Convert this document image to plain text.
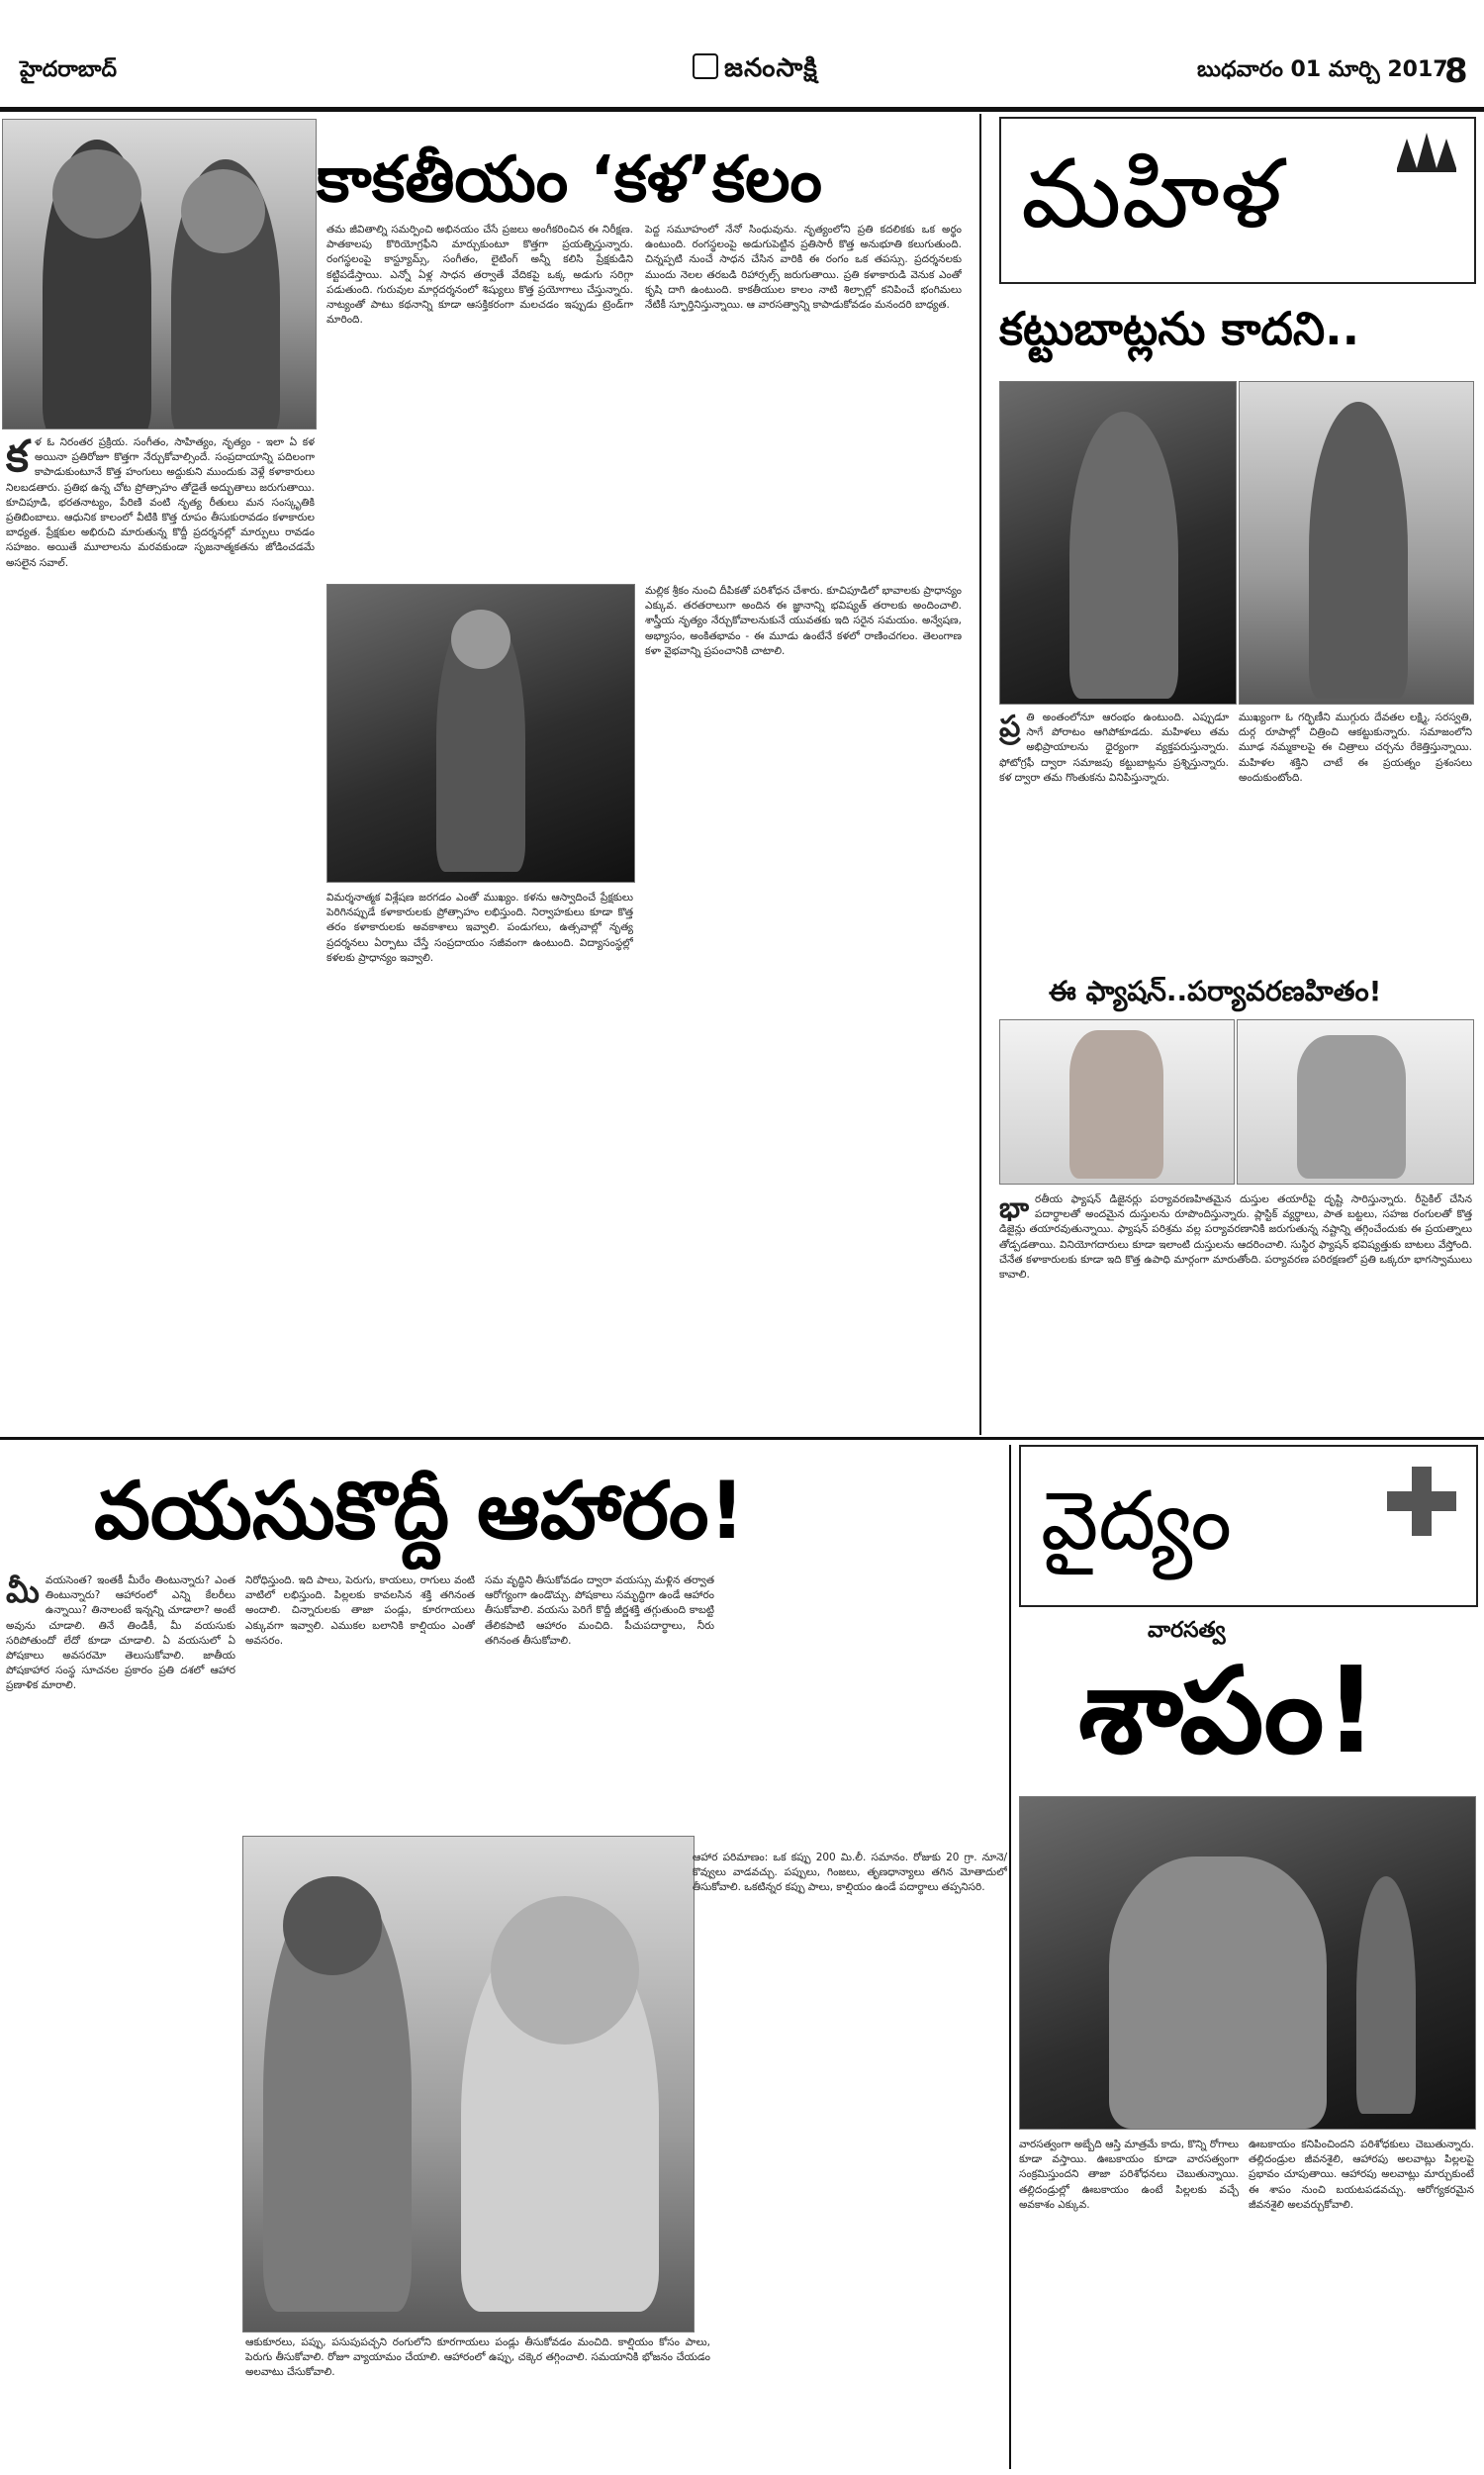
హైదరాబాద్	జనంసాక్షి	బుధవారం 01 మార్చి 2017
8
కాకతీయం ‘కళ’కలం
క ళ ఓ నిరంతర ప్రక్రియ. సంగీతం, సాహిత్యం, నృత్యం - ఇలా ఏ కళ అయినా ప్రతిరోజూ కొత్తగా నేర్చుకోవాల్సిందే. సంప్రదాయాన్ని పదిలంగా కాపాడుకుంటూనే కొత్త హంగులు అద్దుకుని ముందుకు వెళ్లే కళాకారులు నిలబడతారు. ప్రతిభ ఉన్న చోట ప్రోత్సాహం తోడైతే అద్భుతాలు జరుగుతాయి. కూచిపూడి, భరతనాట్యం, పేరిణి వంటి నృత్య రీతులు మన సంస్కృతికి ప్రతిబింబాలు. ఆధునిక కాలంలో వీటికి కొత్త రూపం తీసుకురావడం కళాకారుల బాధ్యత. ప్రేక్షకుల అభిరుచి మారుతున్న కొద్దీ ప్రదర్శనల్లో మార్పులు రావడం సహజం. అయితే మూలాలను మరవకుండా సృజనాత్మకతను జోడించడమే అసలైన సవాల్.

తమ జీవితాల్ని సమర్పించి అభినయం చేసే ప్రజలు అంగీకరించిన ఈ నిరీక్షణ. పాతకాలపు కొరియోగ్రఫీని మార్చుకుంటూ కొత్తగా ప్రయత్నిస్తున్నారు. రంగస్థలంపై కాస్ట్యూమ్స్, సంగీతం, లైటింగ్ అన్నీ కలిసి ప్రేక్షకుడిని కట్టిపడేస్తాయి. ఎన్నో ఏళ్ల సాధన తర్వాతే వేదికపై ఒక్క అడుగు సరిగ్గా పడుతుంది. గురువుల మార్గదర్శనంలో శిష్యులు కొత్త ప్రయోగాలు చేస్తున్నారు. నాట్యంతో పాటు కథనాన్ని కూడా ఆసక్తికరంగా మలచడం ఇప్పుడు ట్రెండ్‌గా మారింది.

పెద్ద సమూహంలో నేనో సింధువును. నృత్యంలోని ప్రతి కదలికకు ఒక అర్థం ఉంటుంది. రంగస్థలంపై అడుగుపెట్టిన ప్రతిసారీ కొత్త అనుభూతి కలుగుతుంది. చిన్నప్పటి నుంచే సాధన చేసిన వారికి ఈ రంగం ఒక తపస్సు. ప్రదర్శనలకు ముందు నెలల తరబడి రిహార్సల్స్ జరుగుతాయి. ప్రతి కళాకారుడి వెనుక ఎంతో కృషి దాగి ఉంటుంది. కాకతీయుల కాలం నాటి శిల్పాల్లో కనిపించే భంగిమలు నేటికీ స్ఫూర్తినిస్తున్నాయి. ఆ వారసత్వాన్ని కాపాడుకోవడం మనందరి బాధ్యత.

విమర్శనాత్మక విశ్లేషణ జరగడం ఎంతో ముఖ్యం. కళను ఆస్వాదించే ప్రేక్షకులు పెరిగినప్పుడే కళాకారులకు ప్రోత్సాహం లభిస్తుంది. నిర్వాహకులు కూడా కొత్త తరం కళాకారులకు అవకాశాలు ఇవ్వాలి. పండుగలు, ఉత్సవాల్లో నృత్య ప్రదర్శనలు ఏర్పాటు చేస్తే సంప్రదాయం సజీవంగా ఉంటుంది. విద్యాసంస్థల్లో కళలకు ప్రాధాన్యం ఇవ్వాలి.

మల్లిక శ్రీకం నుంచి దీపికతో పరిశోధన చేశారు. కూచిపూడిలో భావాలకు ప్రాధాన్యం ఎక్కువ. తరతరాలుగా అందిన ఈ జ్ఞానాన్ని భవిష్యత్ తరాలకు అందించాలి. శాస్త్రీయ నృత్యం నేర్చుకోవాలనుకునే యువతకు ఇది సరైన సమయం. అన్వేషణ, అభ్యాసం, అంకితభావం - ఈ మూడు ఉంటేనే కళలో రాణించగలం. తెలంగాణ కళా వైభవాన్ని ప్రపంచానికి చాటాలి.

మహిళ
కట్టుబాట్లను కాదని..
ప్ర తి అంతంలోనూ ఆరంభం ఉంటుంది. ఎప్పుడూ సాగే పోరాటం ఆగిపోకూడదు. మహిళలు తమ అభిప్రాయాలను ధైర్యంగా వ్యక్తపరుస్తున్నారు. ఫోటోగ్రఫీ ద్వారా సమాజపు కట్టుబాట్లను ప్రశ్నిస్తున్నారు. కళ ద్వారా తమ గొంతుకను వినిపిస్తున్నారు.

ముఖ్యంగా ఓ గర్భిణీని ముగ్గురు దేవతల లక్ష్మి, సరస్వతి, దుర్గ రూపాల్లో చిత్రించి ఆకట్టుకున్నారు. సమాజంలోని మూఢ నమ్మకాలపై ఈ చిత్రాలు చర్చను రేకెత్తిస్తున్నాయి. మహిళల శక్తిని చాటే ఈ ప్రయత్నం ప్రశంసలు అందుకుంటోంది.

ఈ ఫ్యాషన్..పర్యావరణహితం!
భా రతీయ ఫ్యాషన్ డిజైనర్లు పర్యావరణహితమైన దుస్తుల తయారీపై దృష్టి సారిస్తున్నారు. రీసైకిల్ చేసిన పదార్థాలతో అందమైన దుస్తులను రూపొందిస్తున్నారు. ప్లాస్టిక్ వ్యర్థాలు, పాత బట్టలు, సహజ రంగులతో కొత్త డిజైన్లు తయారవుతున్నాయి. ఫ్యాషన్ పరిశ్రమ వల్ల పర్యావరణానికి జరుగుతున్న నష్టాన్ని తగ్గించేందుకు ఈ ప్రయత్నాలు తోడ్పడతాయి. వినియోగదారులు కూడా ఇలాంటి దుస్తులను ఆదరించాలి. సుస్థిర ఫ్యాషన్ భవిష్యత్తుకు బాటలు వేస్తోంది. చేనేత కళాకారులకు కూడా ఇది కొత్త ఉపాధి మార్గంగా మారుతోంది. పర్యావరణ పరిరక్షణలో ప్రతి ఒక్కరూ భాగస్వాములు కావాలి.

వయసుకొద్దీ ఆహారం!
మీ వయసెంత? ఇంతకీ మీరేం తింటున్నారు? ఎంత తింటున్నారు? ఆహారంలో ఎన్ని కేలరీలు ఉన్నాయి? తినాలంటే ఇన్నన్ని చూడాలా? అంటే అవును చూడాలి. తినే తిండికీ, మీ వయసుకు సరిపోతుందో లేదో కూడా చూడాలి. ఏ వయసులో ఏ పోషకాలు అవసరమో తెలుసుకోవాలి. జాతీయ పోషకాహార సంస్థ సూచనల ప్రకారం ప్రతి దశలో ఆహార ప్రణాళిక మారాలి.

నిరోధిస్తుంది. ఇది పాలు, పెరుగు, కాయలు, రాగులు వంటి వాటిలో లభిస్తుంది. పిల్లలకు కావలసిన శక్తి తగినంత అందాలి. చిన్నారులకు తాజా పండ్లు, కూరగాయలు ఎక్కువగా ఇవ్వాలి. ఎముకల బలానికి కాల్షియం ఎంతో అవసరం.

సమ వృద్ధిని తీసుకోవడం ద్వారా వయస్సు మళ్లిన తర్వాత ఆరోగ్యంగా ఉండొచ్చు. పోషకాలు సమృద్ధిగా ఉండే ఆహారం తీసుకోవాలి. వయసు పెరిగే కొద్దీ జీర్ణశక్తి తగ్గుతుంది కాబట్టి తేలికపాటి ఆహారం మంచిది. పీచుపదార్థాలు, నీరు తగినంత తీసుకోవాలి.

ఆహార పరిమాణం: ఒక కప్పు 200 మి.లీ. సమానం. రోజుకు 20 గ్రా. నూనె/కొవ్వులు వాడవచ్చు. పప్పులు, గింజలు, తృణధాన్యాలు తగిన మోతాదులో తీసుకోవాలి. ఒకటిన్నర కప్పు పాలు, కాల్షియం ఉండే పదార్థాలు తప్పనిసరి.

ఆకుకూరలు, పప్పు, పసుపుపచ్చని రంగులోని కూరగాయలు పండ్లు తీసుకోవడం మంచిది. కాల్షియం కోసం పాలు, పెరుగు తీసుకోవాలి. రోజూ వ్యాయామం చేయాలి. ఆహారంలో ఉప్పు, చక్కెర తగ్గించాలి. సమయానికి భోజనం చేయడం అలవాటు చేసుకోవాలి.

వైద్యం
వారసత్వ
శాపం!

వారసత్వంగా అబ్బేది ఆస్తి మాత్రమే కాదు, కొన్ని రోగాలు కూడా వస్తాయి. ఊబకాయం కూడా వారసత్వంగా సంక్రమిస్తుందని తాజా పరిశోధనలు చెబుతున్నాయి. తల్లిదండ్రుల్లో ఊబకాయం ఉంటే పిల్లలకు వచ్చే అవకాశం ఎక్కువ.

ఊబకాయం కనిపించిందని పరిశోధకులు చెబుతున్నారు. తల్లిదండ్రుల జీవనశైలి, ఆహారపు అలవాట్లు పిల్లలపై ప్రభావం చూపుతాయి. ఆహారపు అలవాట్లు మార్చుకుంటే ఈ శాపం నుంచి బయటపడవచ్చు. ఆరోగ్యకరమైన జీవనశైలి అలవర్చుకోవాలి.
